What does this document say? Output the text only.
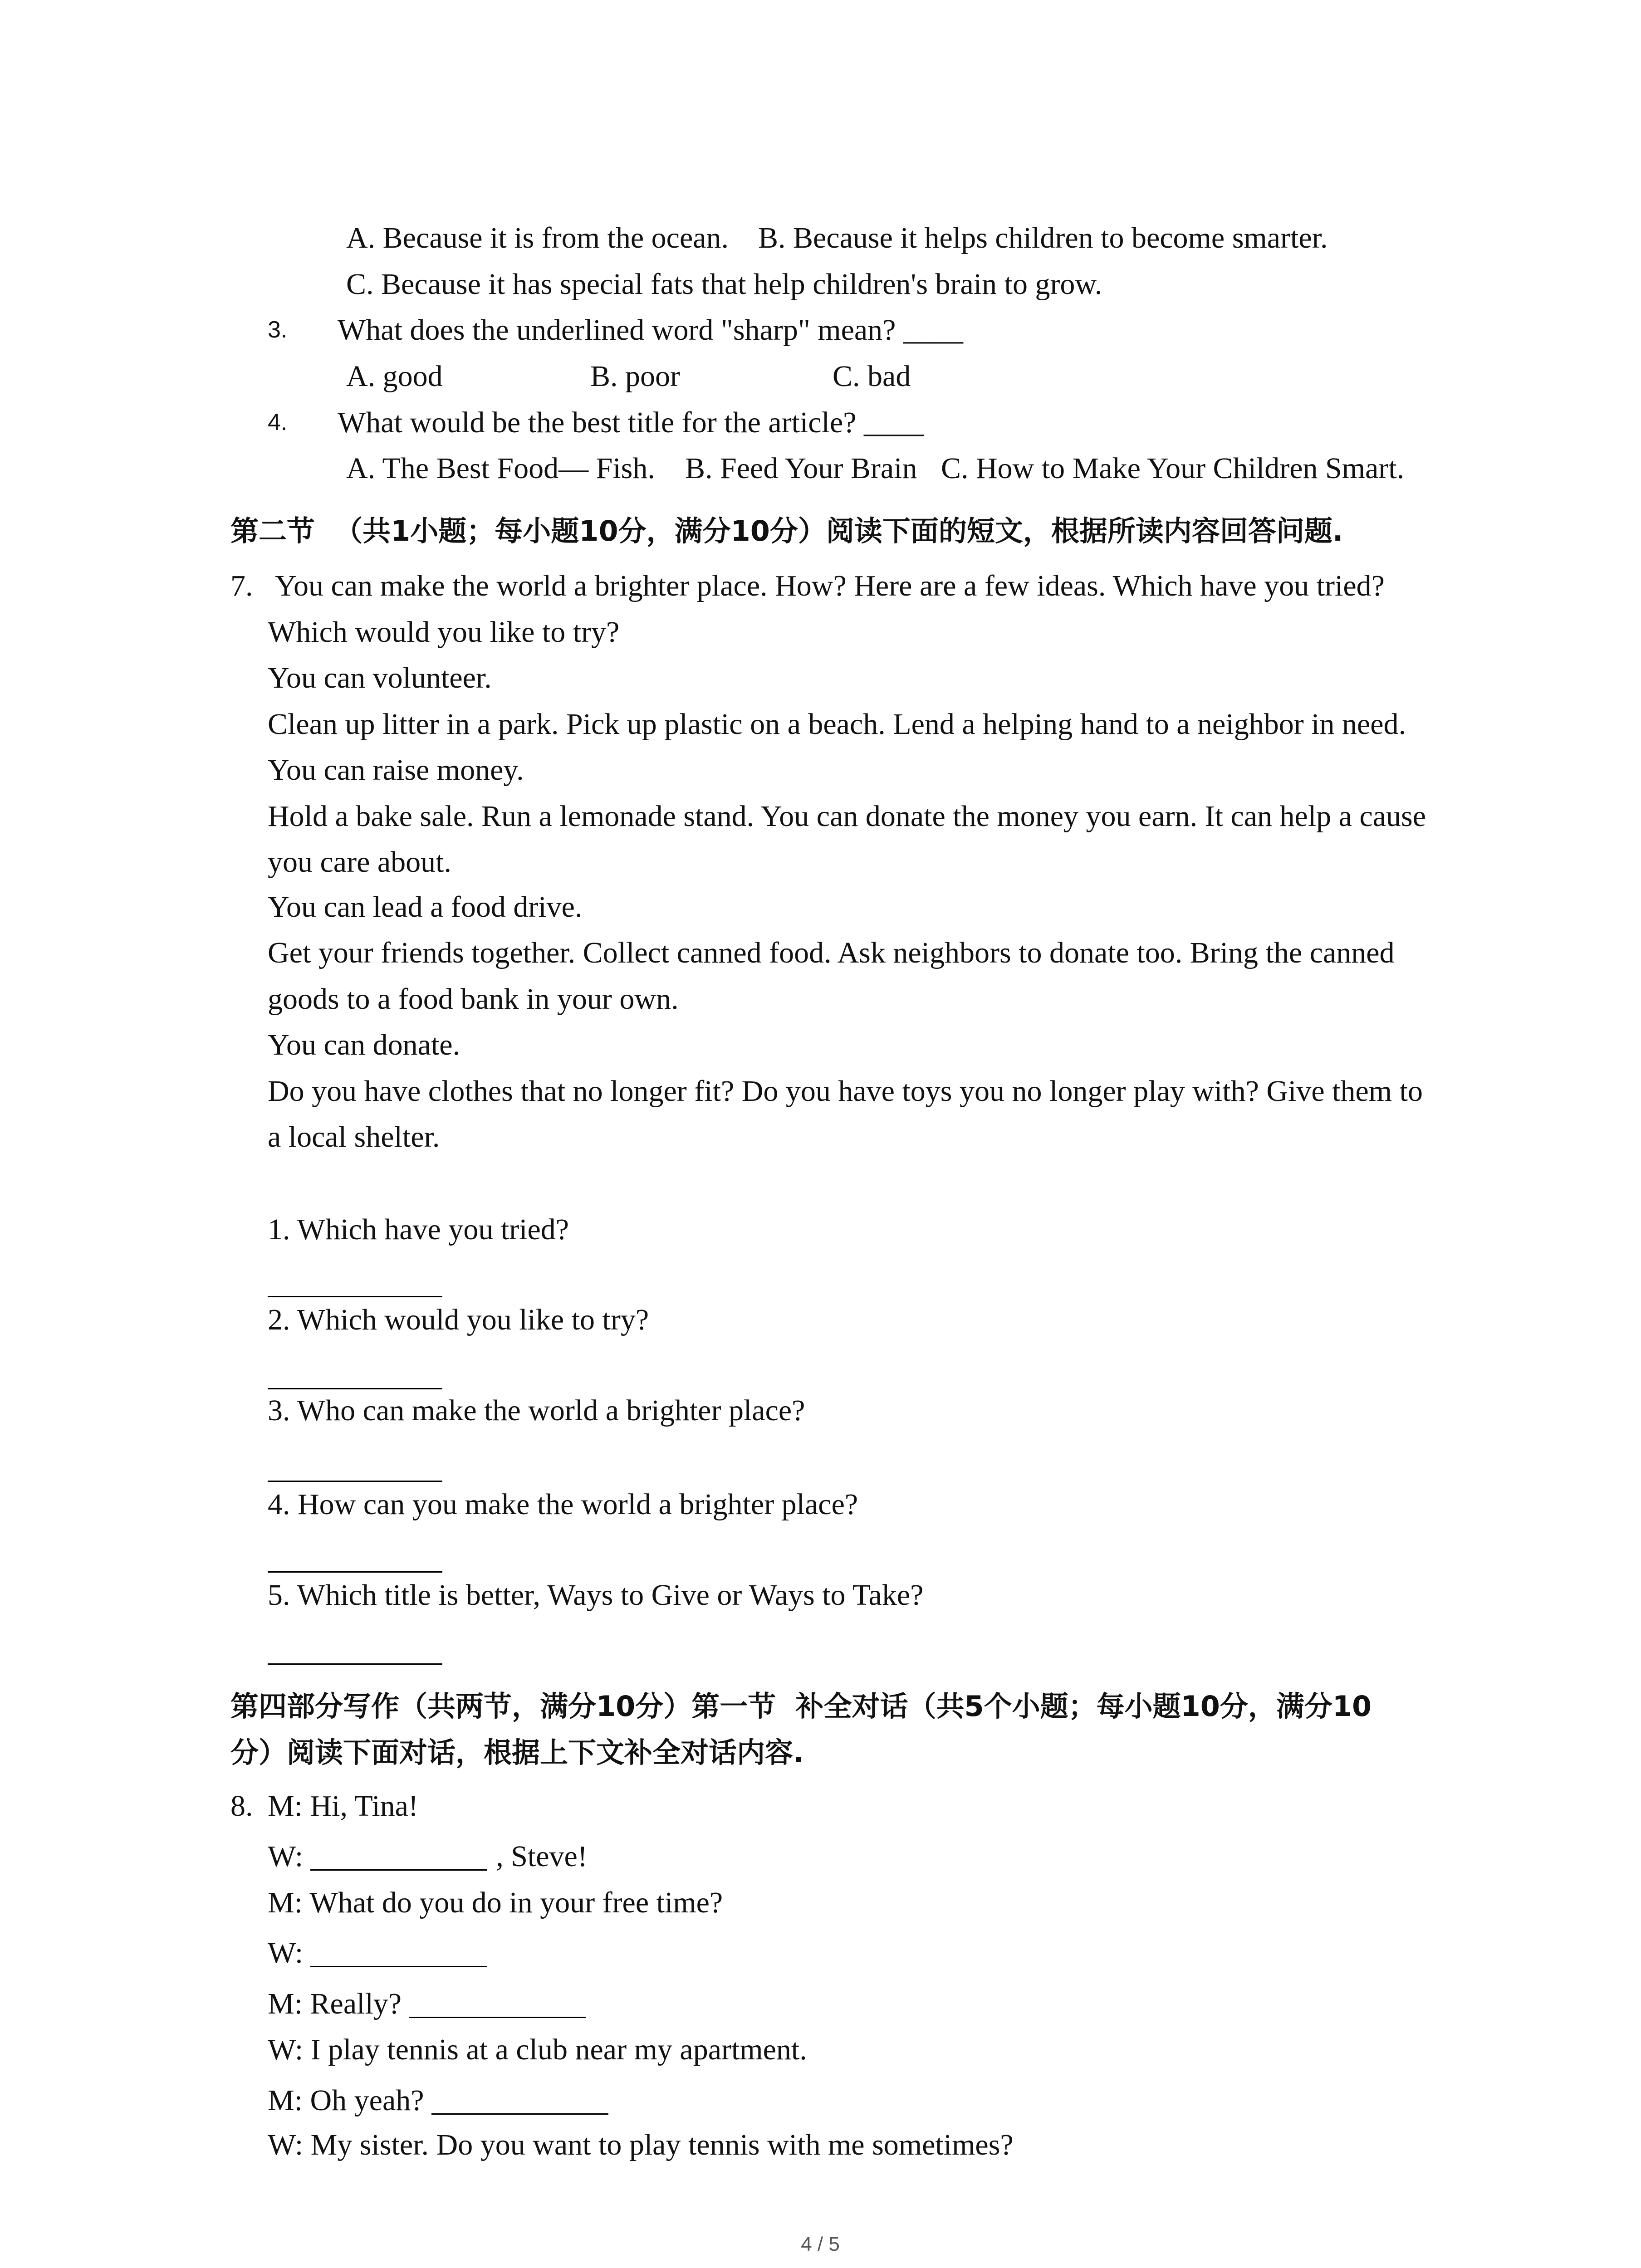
A. Because it is from the ocean. B. Because it helps children to become smarter.
C. Because it has special fats that help children's brain to grow.
3. What does the underlined word "sharp" mean? ____
A. good	B. poor	C. bad
4. What would be the best title for the article? ____
A. The Best Food— Fish. B. Feed Your Brain C. How to Make Your Children Smart.
第二节  （共1小题；每小题10分，满分10分）阅读下面的短文，根据所读内容回答问题.
7. You can make the world a brighter place. How? Here are a few ideas. Which have you tried?
Which would you like to try?
You can volunteer.
Clean up litter in a park. Pick up plastic on a beach. Lend a helping hand to a neighbor in need.
You can raise money.
Hold a bake sale. Run a lemonade stand. You can donate the money you earn. It can help a cause
you care about.
You can lead a food drive.
Get your friends together. Collect canned food. Ask neighbors to donate too. Bring the canned
goods to a food bank in your own.
You can donate.
Do you have clothes that no longer fit? Do you have toys you no longer play with? Give them to
a local shelter.
1. Which have you tried?
2. Which would you like to try?
3. Who can make the world a brighter place?
4. How can you make the world a brighter place?
5. Which title is better, Ways to Give or Ways to Take?
第四部分写作（共两节，满分10分）第一节  补全对话（共5个小题；每小题10分，满分10
分）阅读下面对话，根据上下文补全对话内容.
8. M: Hi, Tina!
W:	, Steve!
M: What do you do in your free time?
W:
M: Really?
W: I play tennis at a club near my apartment.
M: Oh yeah?
W: My sister. Do you want to play tennis with me sometimes?
4 / 5
